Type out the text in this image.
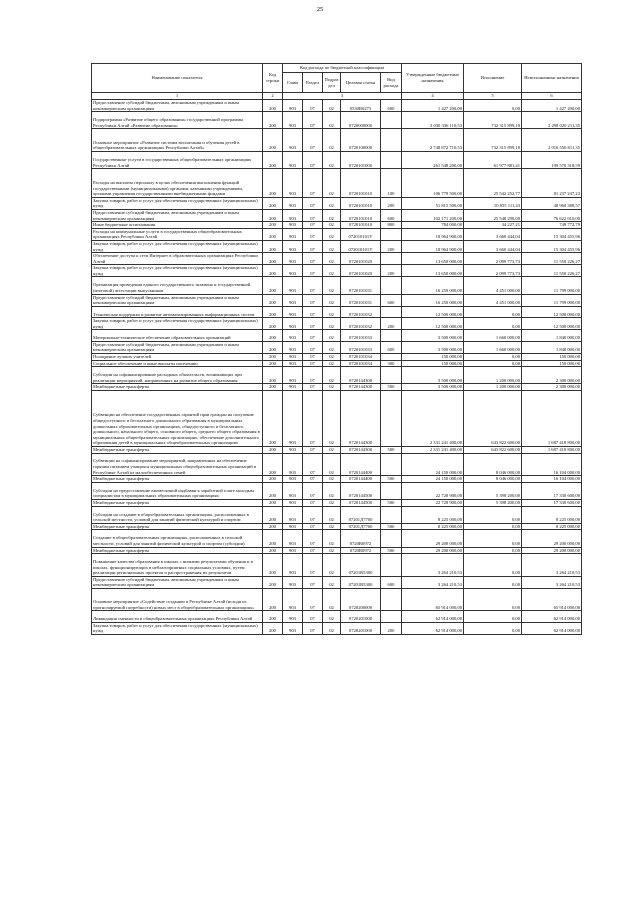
25
Наименование показателя	Код строки	Код расхода по бюджетной классификации					Утвержденные бюджетные назначения	Исполнение	Неисполненные назначения
		Глава	Раздел	Подраз дел	Целевая статья	Вид расхода			
1	2	3					4	5	6
Предоставление субсидий бюджетным, автономным учреждениям и иным некоммерческим организациям	200	903	07	02	0530R0273	600	1 427 200,00	0,00	1 427 200,00
Подпрограмма «Развитие общего образования» государственной программы Республики Алтай «Развитие образования»	200	903	07	02	0720000000		3 030 336 110,53	732 315 899,18	2 298 020 211,35
Основное мероприятие «Развитие системы воспитания и обучения детей в общеобразовательных организациях Республики Алтай»	200	903	07	02	0720100000		2 748 872 710,53	732 315 899,18	2 016 556 811,35
Государственные услуги в государственных общеобразовательных организациях Республики Алтай	200	903	07	02	0720101000		261 548 200,00	61 977 881,41	199 570 318,59
Расходы на выплаты персоналу в целях обеспечения выполнения функций государственными (муниципальными) органами, казенными учреждениями, органами управления государственными внебюджетными фондами	200	903	07	02	0720101010	100	106 779 500,00	25 542 252,77	81 237 247,23
Закупка товаров, работ и услуг для обеспечения государственных (муниципальных) нужд	200	903	07	02	0720101010	200	51 815 500,00	10 855 111,43	40 960 388,57
Предоставление субсидий бюджетным, автономным учреждениям и иным некоммерческим организациям	200	903	07	02	0720101010	600	102 171 200,00	25 548 290,00	76 622 910,00
Иные бюджетные ассигнования	200	903	07	02	0720101010	800	784 000,00	34 227,21	749 772,79
Расходы на коммунальные услуги в государственных общеобразовательных организациях Республики Алтай	200	903	07	02	072010101У		18 964 900,00	3 660 444,04	15 304 455,96
Закупка товаров, работ и услуг для обеспечения государственных (муниципальных) нужд	200	903	07	02	072010101У	200	18 964 900,00	3 660 444,04	15 304 455,96
Обеспечение доступа к сети Интернет в образовательных организациях Республики Алтай	200	903	07	02	0720101020		13 650 000,00	2 099 773,73	11 550 226,27
Закупка товаров, работ и услуг для обеспечения государственных (муниципальных) нужд	200	903	07	02	0720101020	200	13 650 000,00	2 099 773,73	11 550 226,27
Организация проведения единого государственного экзамена и государственной (итоговой) аттестации выпускников	200	903	07	02	0720101031		16 250 000,00	4 451 000,00	11 799 000,00
Предоставление субсидий бюджетным, автономным учреждениям и иным некоммерческим организациям	200	903	07	02	0720101031	600	16 250 000,00	4 451 000,00	11 799 000,00
Техническая поддержка и развитие автоматизированных информационных систем	200	903	07	02	0720101032		12 500 000,00	0,00	12 500 000,00
Закупка товаров, работ и услуг для обеспечения государственных (муниципальных) нужд	200	903	07	02	0720101032	200	12 500 000,00	0,00	12 500 000,00
Материально-техническое обеспечение образовательных организаций	200	903	07	02	0720101033		3 500 000,00	1 660 000,00	1 840 000,00
Предоставление субсидий бюджетным, автономным учреждениям и иным некоммерческим организациям	200	903	07	02	0720101033	600	3 500 000,00	1 660 000,00	1 840 000,00
Поощрение лучших учителей	200	903	07	02	0720101034		150 000,00	0,00	150 000,00
Социальное обеспечение и иные выплаты населению	200	903	07	02	0720101034	300	150 000,00	0,00	150 000,00
Субсидии на софинансирование расходных обязательств, возникающих при реализации мероприятий, направленных на развитие общего образования	200	903	07	02	0720144300		3 500 000,00	1 200 000,00	2 300 000,00
Межбюджетные трансферты	200	903	07	02	0720144300	500	3 500 000,00	1 200 000,00	2 300 000,00
Субвенции на обеспечение государственных гарантий прав граждан на получение общедоступного и бесплатного дошкольного образования в муниципальных дошкольных образовательных организациях, общедоступного и бесплатного дошкольного, начального общего, основного общего, среднего общего образования в муниципальных общеобразовательных организациях, обеспечение дополнительного образования детей в муниципальных общеобразовательных организациях	200	903	07	02	0720144300		2 331 241 400,00	643 822 600,00	1 687 418 800,00
Межбюджетные трансферты	200	903	07	02	0720144300	500	2 331 241 400,00	643 822 600,00	1 687 418 800,00
Субвенции на софинансирование мероприятий, направленных на обеспечение горячим питанием учащихся муниципальных общеобразовательных организаций в Республике Алтай из малообеспеченных семей	200	903	07	02	0720144400		24 150 000,00	8 046 000,00	16 104 000,00
Межбюджетные трансферты	200	903	07	02	0720144400	500	24 150 000,00	8 046 000,00	16 104 000,00
Субсидии на предоставление ежемесячной надбавки к заработной плате молодым специалистам в муниципальных образовательных организациях	200	903	07	02	0720144500		22 728 900,00	5 398 200,00	17 330 600,00
Межбюджетные трансферты	200	903	07	02	0720144500	500	22 728 900,00	5 398 200,00	17 330 600,00
Субсидии на создание в общеобразовательных организациях, расположенных в сельской местности, условий для занятий физической культурой и спортом	200	903	07	02	07201Д7700		8 225 000,00	0,00	8 225 000,00
Межбюджетные трансферты	200	903	07	02	07201Д7700	500	8 225 000,00	0,00	8 225 000,00
Создание в общеобразовательных организациях, расположенных в сельской местности, условий для занятий физической культурой и спортом (субсидии)	200	903	07	02	0720R0972		29 200 000,00	0,00	29 200 000,00
Межбюджетные трансферты	200	903	07	02	0720R0972	500	29 200 000,00	0,00	29 200 000,00
Повышение качества образования в школах с низкими результатами обучения и в школах, функционирующих в неблагоприятных социальных условиях, путем реализации региональных проектов и распространения их результатов	200	903	07	02	07201R5300		3 264 210,53	0,00	3 264 210,53
Предоставление субсидий бюджетным, автономным учреждениям и иным некоммерческим организациям	200	903	07	02	07201R5300	600	3 264 210,53	0,00	3 264 210,53
Основное мероприятие «Содействие созданию в Республике Алтай (исходя из прогнозируемой потребности) новых мест в общеобразовательных организациях»	200	903	07	02	0720200000		65 914 000,00	0,00	65 914 000,00
Ликвидация сменности в общеобразовательных организациях Республики Алтай	200	903	07	02	0720201000		62 914 000,00	0,00	62 914 000,00
Закупка товаров, работ и услуг для обеспечения государственных (муниципальных) нужд	200	903	07	02	0720201000	200	62 914 000,00	0,00	62 914 000,00
